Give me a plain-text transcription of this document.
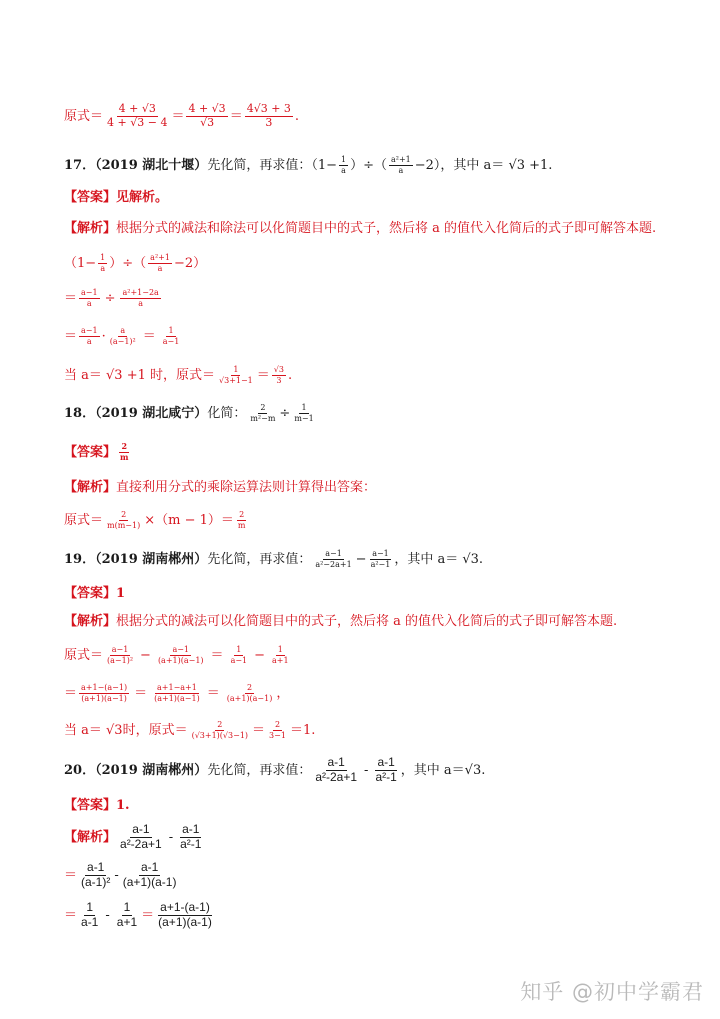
原式＝ $\frac{4 + √3}{4 + √3 - 4} = \frac{4 + √3}{√3} = \frac{4√3 + 3}{3}$ .
17．（2019 湖北十堰） 先化简，再求值：（$1- \frac{1}{a}$ ）÷（ $\frac{\text{a²+1}}{a} -2$），其中 a＝ √3 +1.
【答案】 见解析。
【解析】 根据分式的减法和除法可以化简题目中的式子，然后将 a 的值代入化简后的式子即可解答本题.
（$1- \frac{1}{a}$ ）÷（ $\frac{\text{a²+1}}{a} -2$）
＝ $\frac{a-1}{a} \div \frac{\text{a²+1−2a}}{a}$
＝ $\frac{a-1}{a} \cdot \frac{a}{\text{(a−1)²}} = \frac{1}{a-1}$
当 a＝ √3 +1 时，原式＝ $\frac{1}{√3+1-1} = \frac{√3}{3}$ .
18．（2019 湖北咸宁） 化简： $\frac{2}{\text{m²−m}} \div \frac{1}{m-1}$
【答案】 $\frac{2}{m}$
【解析】 直接利用分式的乘除运算法则计算得出答案：
原式＝ $\frac{2}{m(m-1)} \times(m - 1)= \frac{2}{m}$
19．（2019 湖南郴州） 先化简，再求值： $\frac{a-1}{\text{a²−2a+1}} - \frac{a-1}{\text{a²−1}}$ ，其中 a＝ √3.
【答案】 1
【解析】 根据分式的减法可以化简题目中的式子，然后将 a 的值代入化简后的式子即可解答本题.
原式＝ $\frac{a-1}{\text{(a−1)²}} - \frac{a-1}{(a+1)(a-1)} = \frac{1}{a-1} - \frac{1}{a+1}$
＝ $\frac{a+1-(a-1)}{(a+1)(a-1)} = \frac{a+1-a+1}{(a+1)(a-1)} = \frac{2}{(a+1)(a-1)}$ ，
当 a＝ √3时，原式＝ $\frac{2}{(√3+1)(√3-1)} = \frac{2}{3-1} =1$.
20．（2019 湖南郴州） 先化简，再求值： $\frac{a-1}{\text{a²-2a+1}} - \frac{a-1}{\text{a²-1}}$ ，其中 a＝√3.
【答案】 1.
【解析】 $\frac{a-1}{\text{a²-2a+1}} - \frac{a-1}{\text{a²-1}}$
＝ $\frac{a-1}{\text{(a-1)²}} - \frac{a-1}{(a+1)(a-1)}$
＝ $\frac{1}{a-1} - \frac{1}{a+1} = \frac{a+1-(a-1)}{(a+1)(a-1)}$
知乎 @初中学霸君
